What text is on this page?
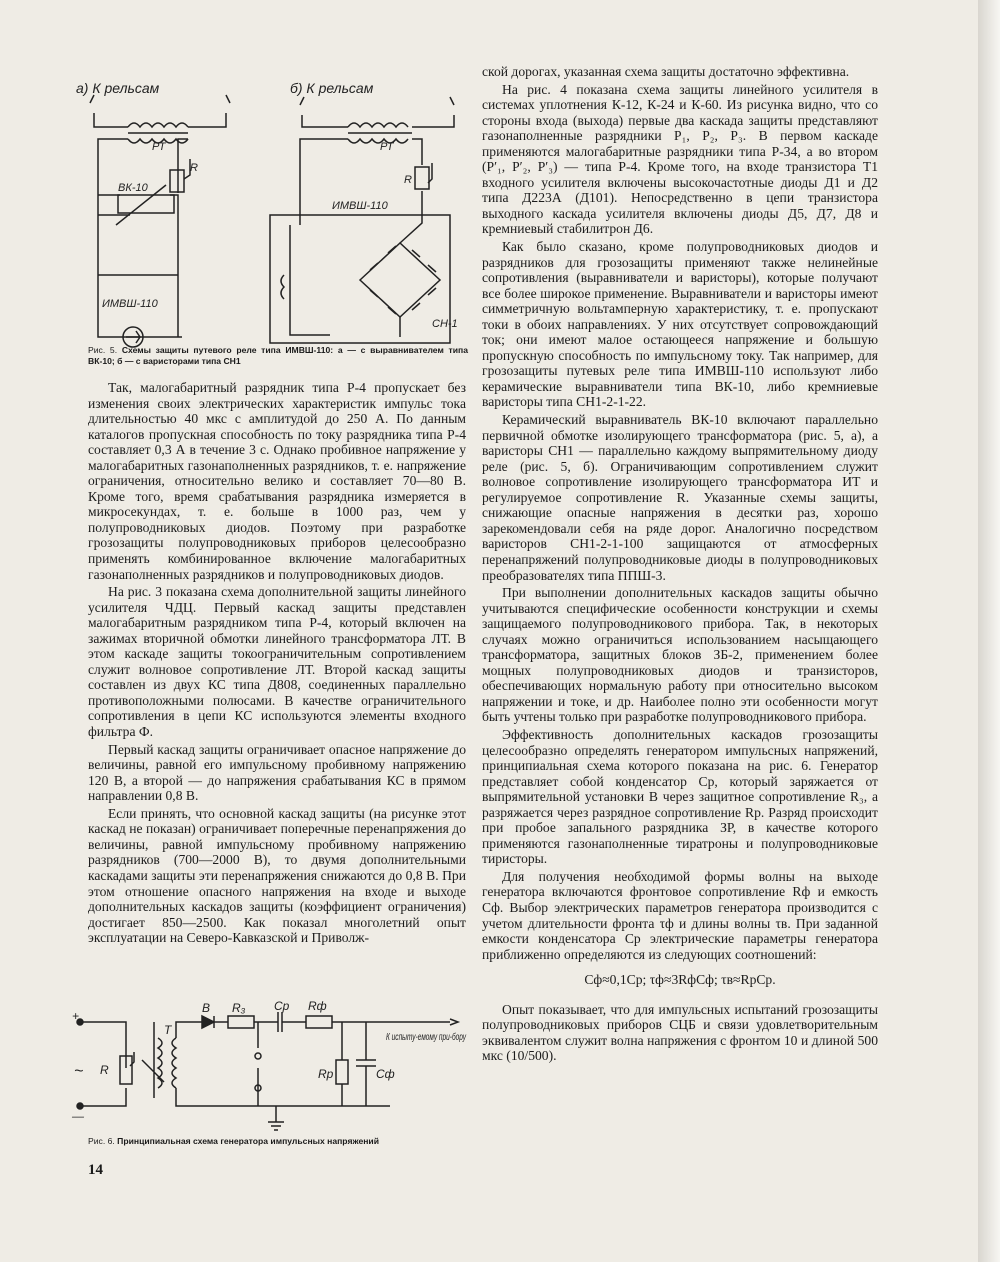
а) К рельсам	б) К рельсам
РТ
R
ВК-10
ИМВШ-110
РТ
R
ИМВШ-110
СН-1
Рис. 5. Схемы защиты путевого реле типа ИМВШ-110: а — с выравнивателем типа ВК-10; б — с варисторами типа СН1

Так, малогабаритный разрядник типа Р-4 пропускает без изменения своих электрических характеристик импульс тока длительностью 40 мкс с амплитудой до 250 А. По данным каталогов пропускная способность по току разрядника типа Р-4 составляет 0,3 А в течение 3 с. Однако пробивное напряжение у малогабаритных газонаполненных разрядников, т. е. напряжение ограничения, относительно велико и составляет 70—80 В. Кроме того, время срабатывания разрядника измеряется в микросекундах, т. е. больше в 1000 раз, чем у полупроводниковых диодов. Поэтому при разработке грозозащиты полупроводниковых приборов целесообразно применять комбинированное включение малогабаритных газонаполненных разрядников и полупроводниковых диодов.

На рис. 3 показана схема дополнительной защиты линейного усилителя ЧДЦ. Первый каскад защиты представлен малогабаритным разрядником типа Р-4, который включен на зажимах вторичной обмотки линейного трансформатора ЛТ. В этом каскаде защиты токоограничительным сопротивлением служит волновое сопротивление ЛТ. Второй каскад защиты составлен из двух КС типа Д808, соединенных параллельно противоположными полюсами. В качестве ограничительного сопротивления в цепи КС используются элементы входного фильтра Ф.

Первый каскад защиты ограничивает опасное напряжение до величины, равной его импульсному пробивному напряжению 120 В, а второй — до напряжения срабатывания КС в прямом направлении 0,8 В.

Если принять, что основной каскад защиты (на рисунке этот каскад не показан) ограничивает поперечные перенапряжения до величины, равной импульсному пробивному напряжению разрядников (700—2000 В), то двумя дополнительными каскадами защиты эти перенапряжения снижаются до 0,8 В. При этом отношение опасного напряжения на входе и выходе дополнительных каскадов защиты (коэффициент ограничения) достигает 850—2500. Как показал многолетний опыт эксплуатации на Северо-Кавказской и Приволж-

+
—
~ R
Т
В R₃ Cр Rф
Rр	Cф
К испыту-емому при-бору
Рис. 6. Принципиальная схема генератора импульсных напряжений
14

ской дорогах, указанная схема защиты достаточно эффективна.

На рис. 4 показана схема защиты линейного усилителя в системах уплотнения К-12, К-24 и К-60. Из рисунка видно, что со стороны входа (выхода) первые два каскада защиты представляют газонаполненные разрядники Р₁, Р₂, Р₃. В первом каскаде применяются малогабаритные разрядники типа Р-34, а во втором (Р′₁, Р′₂, Р′₃) — типа Р-4. Кроме того, на входе транзистора Т1 входного усилителя включены высокочастотные диоды Д1 и Д2 типа Д223А (Д101). Непосредственно в цепи транзистора выходного каскада усилителя включены диоды Д5, Д7, Д8 и кремниевый стабилитрон Д6.

Как было сказано, кроме полупроводниковых диодов и разрядников для грозозащиты применяют также нелинейные сопротивления (выравниватели и варисторы), которые получают все более широкое применение. Выравниватели и варисторы имеют симметричную вольтамперную характеристику, т. е. пропускают токи в обоих направлениях. У них отсутствует сопровождающий ток; они имеют малое остающееся напряжение и большую пропускную способность по импульсному току. Так например, для грозозащиты путевых реле типа ИМВШ-110 используют либо керамические выравниватели типа ВК-10, либо кремниевые варисторы типа СН1-2-1-22.

Керамический выравниватель ВК-10 включают параллельно первичной обмотке изолирующего трансформатора (рис. 5, а), а варисторы СН1 — параллельно каждому выпрямительному диоду реле (рис. 5, б). Ограничивающим сопротивлением служит волновое сопротивление изолирующего трансформатора ИТ и регулируемое сопротивление R. Указанные схемы защиты, снижающие опасные напряжения в десятки раз, хорошо зарекомендовали себя на ряде дорог. Аналогично посредством варисторов СН1-2-1-100 защищаются от атмосферных перенапряжений полупроводниковые диоды в полупроводниковых преобразователях типа ППШ-3.

При выполнении дополнительных каскадов защиты обычно учитываются специфические особенности конструкции и схемы защищаемого полупроводникового прибора. Так, в некоторых случаях можно ограничиться использованием насыщающего трансформатора, защитных блоков ЗБ-2, применением более мощных полупроводниковых диодов и транзисторов, обеспечивающих нормальную работу при относительно высоком напряжении и токе, и др. Наиболее полно эти особенности могут быть учтены только при разработке полупроводникового прибора.

Эффективность дополнительных каскадов грозозащиты целесообразно определять генератором импульсных напряжений, принципиальная схема которого показана на рис. 6. Генератор представляет собой конденсатор Ср, который заряжается от выпрямительной установки В через защитное сопротивление R₃, а разряжается через разрядное сопротивление Rр. Разряд происходит при пробое запального разрядника ЗР, в качестве которого применяются газонаполненные тиратроны и полупроводниковые тиристоры.

Для получения необходимой формы волны на выходе генератора включаются фронтовое сопротивление Rф и емкость Сф. Выбор электрических параметров генератора производится с учетом длительности фронта τф и длины волны τв. При заданной емкости конденсатора Ср электрические параметры генератора приближенно определяются из следующих соотношений:

Сф≈0,1Ср; τф≈3RфСф; τв≈RрСр.

Опыт показывает, что для импульсных испытаний грозозащиты полупроводниковых приборов СЦБ и связи удовлетворительным эквивалентом служит волна напряжения с фронтом 10 и длиной 500 мкс (10/500).
